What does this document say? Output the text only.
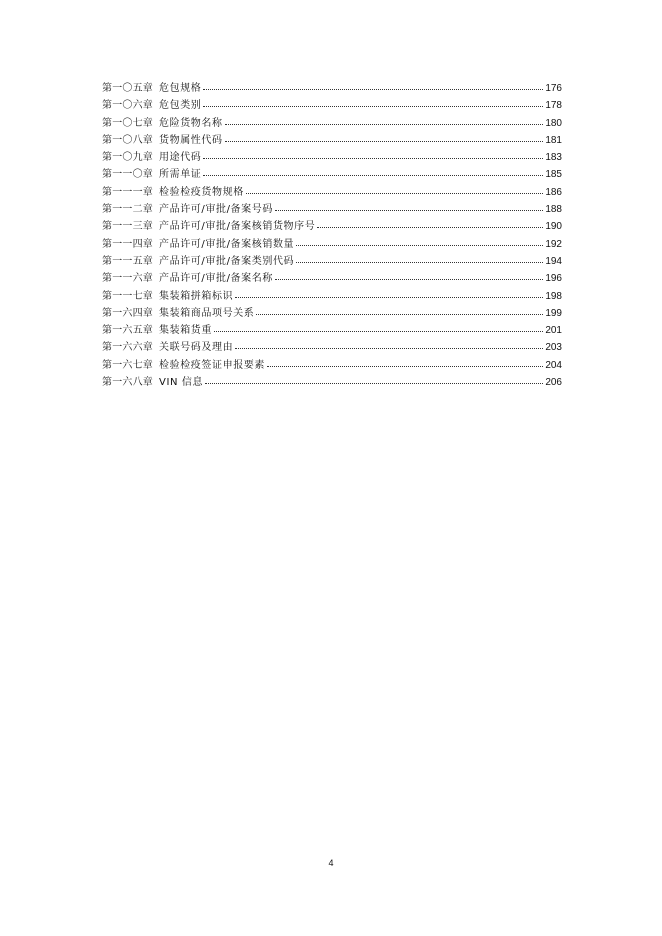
第一〇五章 危包规格	176
第一〇六章 危包类别	178
第一〇七章 危险货物名称	180
第一〇八章 货物属性代码	181
第一〇九章 用途代码	183
第一一〇章 所需单证	185
第一一一章 检验检疫货物规格	186
第一一二章 产品许可/审批/备案号码	188
第一一三章 产品许可/审批/备案核销货物序号	190
第一一四章 产品许可/审批/备案核销数量	192
第一一五章 产品许可/审批/备案类别代码	194
第一一六章 产品许可/审批/备案名称	196
第一一七章 集装箱拼箱标识	198
第一六四章 集装箱商品项号关系	199
第一六五章 集装箱货重	201
第一六六章 关联号码及理由	203
第一六七章 检验检疫签证申报要素	204
第一六八章 VIN 信息	206
4
